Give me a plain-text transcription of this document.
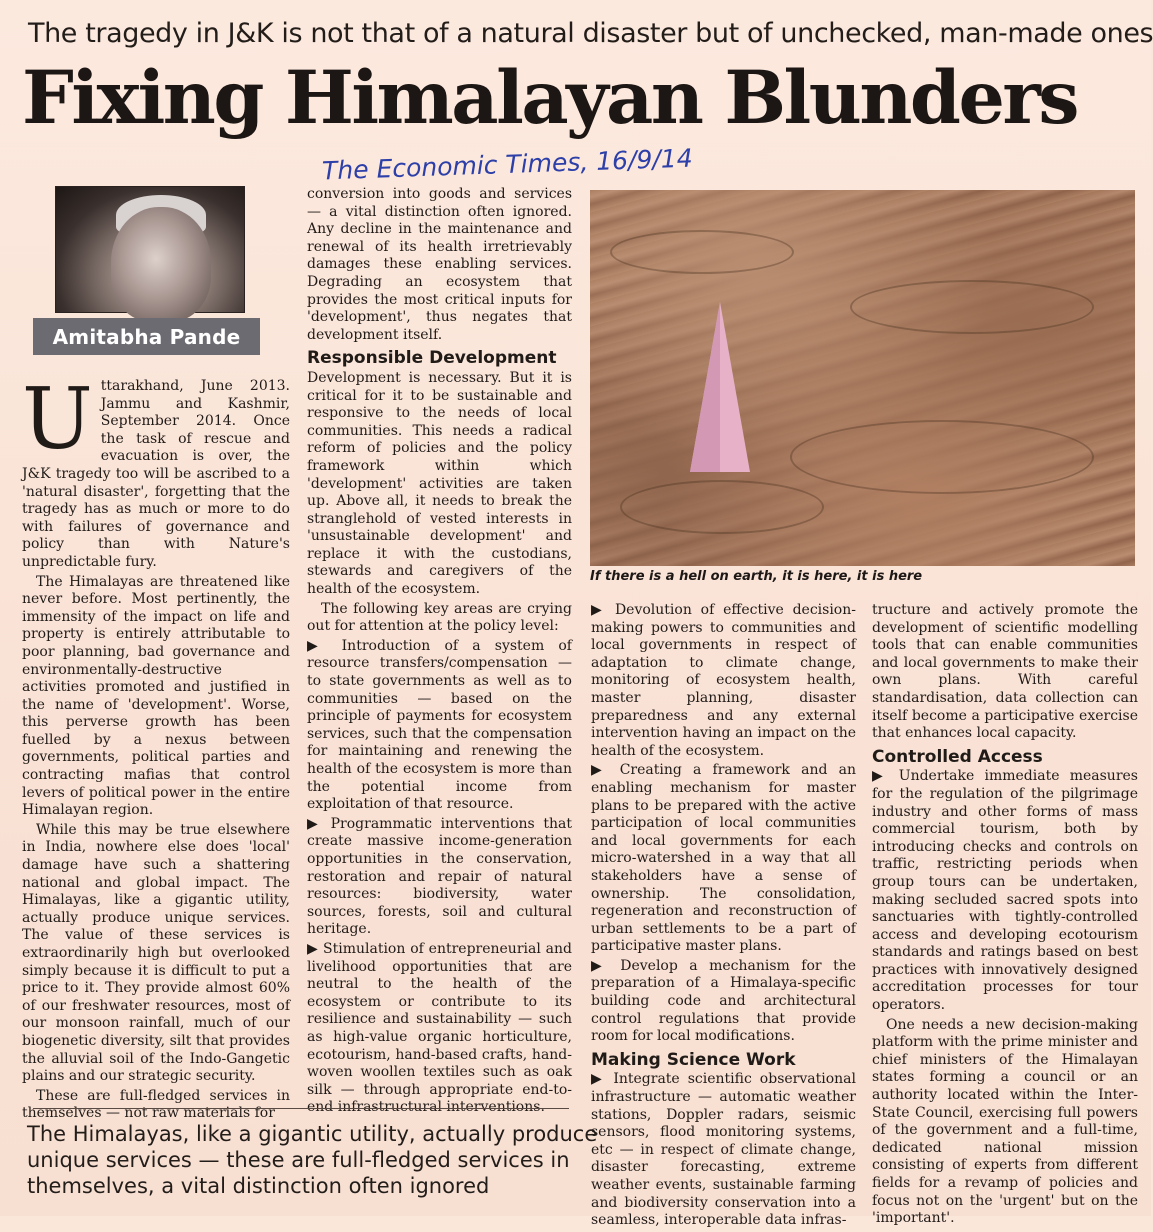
The tragedy in J&K is not that of a natural disaster but of unchecked, man-made ones
Fixing Himalayan Blunders
The Economic Times, 16/9/14
Amitabha Pande

Uttarakhand, June 2013. Jammu and Kashmir, September 2014. Once the task of rescue and evacuation is over, the J&K tragedy too will be ascribed to a 'natural disaster', forgetting that the tragedy has as much or more to do with failures of governance and policy than with Nature's unpredictable fury.

The Himalayas are threatened like never before. Most pertinently, the immensity of the impact on life and property is entirely attributable to poor planning, bad governance and environmentally-destructive activities promoted and justified in the name of 'development'. Worse, this perverse growth has been fuelled by a nexus between governments, political parties and contracting mafias that control levers of political power in the entire Himalayan region.

While this may be true elsewhere in India, nowhere else does 'local' damage have such a shattering national and global impact. The Himalayas, like a gigantic utility, actually produce unique services. The value of these services is extraordinarily high but overlooked simply because it is difficult to put a price to it. They provide almost 60% of our freshwater resources, most of our monsoon rainfall, much of our biogenetic diversity, silt that provides the alluvial soil of the Indo-Gangetic plains and our strategic security.

These are full-fledged services in themselves — not raw materials for

conversion into goods and services — a vital distinction often ignored. Any decline in the maintenance and renewal of its health irretrievably damages these enabling services. Degrading an ecosystem that provides the most critical inputs for 'development', thus negates that development itself.

Responsible Development

Development is necessary. But it is critical for it to be sustainable and responsive to the needs of local communities. This needs a radical reform of policies and the policy framework within which 'development' activities are taken up. Above all, it needs to break the stranglehold of vested interests in 'unsustainable development' and replace it with the custodians, stewards and caregivers of the health of the ecosystem.

The following key areas are crying out for attention at the policy level:

▶ Introduction of a system of resource transfers/compensation — to state governments as well as to communities — based on the principle of payments for ecosystem services, such that the compensation for maintaining and renewing the health of the ecosystem is more than the potential income from exploitation of that resource.

▶ Programmatic interventions that create massive income-generation opportunities in the conservation, restoration and repair of natural resources: biodiversity, water sources, forests, soil and cultural heritage.

▶ Stimulation of entrepreneurial and livelihood opportunities that are neutral to the health of the ecosystem or contribute to its resilience and sustainability — such as high-value organic horticulture, ecotourism, hand-based crafts, hand-woven woollen textiles such as oak silk — through appropriate end-to-end infrastructural interventions.

If there is a hell on earth, it is here, it is here

▶ Devolution of effective decision-making powers to communities and local governments in respect of adaptation to climate change, monitoring of ecosystem health, master planning, disaster preparedness and any external intervention having an impact on the health of the ecosystem.

▶ Creating a framework and an enabling mechanism for master plans to be prepared with the active participation of local communities and local governments for each micro-watershed in a way that all stakeholders have a sense of ownership. The consolidation, regeneration and reconstruction of urban settlements to be a part of participative master plans.

▶ Develop a mechanism for the preparation of a Himalaya-specific building code and architectural control regulations that provide room for local modifications.

Making Science Work

▶ Integrate scientific observational infrastructure — automatic weather stations, Doppler radars, seismic sensors, flood monitoring systems, etc — in respect of climate change, disaster forecasting, extreme weather events, sustainable farming and biodiversity conservation into a seamless, interoperable data infras-

tructure and actively promote the development of scientific modelling tools that can enable communities and local governments to make their own plans. With careful standardisation, data collection can itself become a participative exercise that enhances local capacity.

Controlled Access

▶ Undertake immediate measures for the regulation of the pilgrimage industry and other forms of mass commercial tourism, both by introducing checks and controls on traffic, restricting periods when group tours can be undertaken, making secluded sacred spots into sanctuaries with tightly-controlled access and developing ecotourism standards and ratings based on best practices with innovatively designed accreditation processes for tour operators.

One needs a new decision-making platform with the prime minister and chief ministers of the Himalayan states forming a council or an authority located within the Inter-State Council, exercising full powers of the government and a full-time, dedicated national mission consisting of experts from different fields for a revamp of policies and focus not on the 'urgent' but on the 'important'.

The Himalayas, like a gigantic utility, actually produce
unique services — these are full-fledged services in
themselves, a vital distinction often ignored
